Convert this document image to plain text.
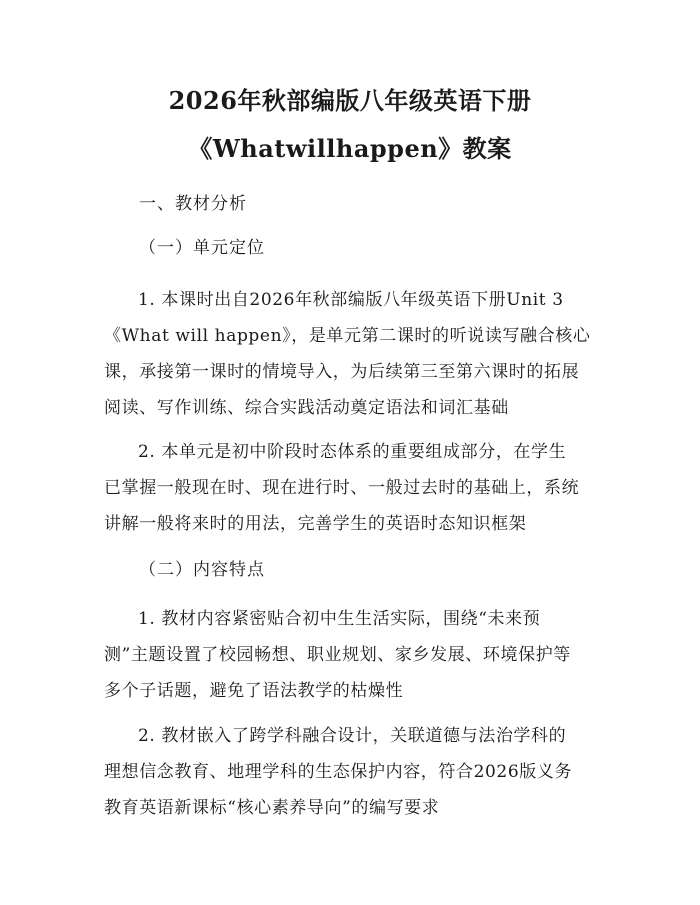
2026年秋部编版八年级英语下册
《Whatwillhappen》教案
一、教材分析
（一）单元定位
1. 本课时出自2026年秋部编版八年级英语下册Unit 3
《What will happen》，是单元第二课时的听说读写融合核心
课，承接第一课时的情境导入，为后续第三至第六课时的拓展
阅读、写作训练、综合实践活动奠定语法和词汇基础
2. 本单元是初中阶段时态体系的重要组成部分，在学生
已掌握一般现在时、现在进行时、一般过去时的基础上，系统
讲解一般将来时的用法，完善学生的英语时态知识框架
（二）内容特点
1. 教材内容紧密贴合初中生生活实际，围绕“未来预
测”主题设置了校园畅想、职业规划、家乡发展、环境保护等
多个子话题，避免了语法教学的枯燥性
2. 教材嵌入了跨学科融合设计，关联道德与法治学科的
理想信念教育、地理学科的生态保护内容，符合2026版义务
教育英语新课标“核心素养导向”的编写要求
